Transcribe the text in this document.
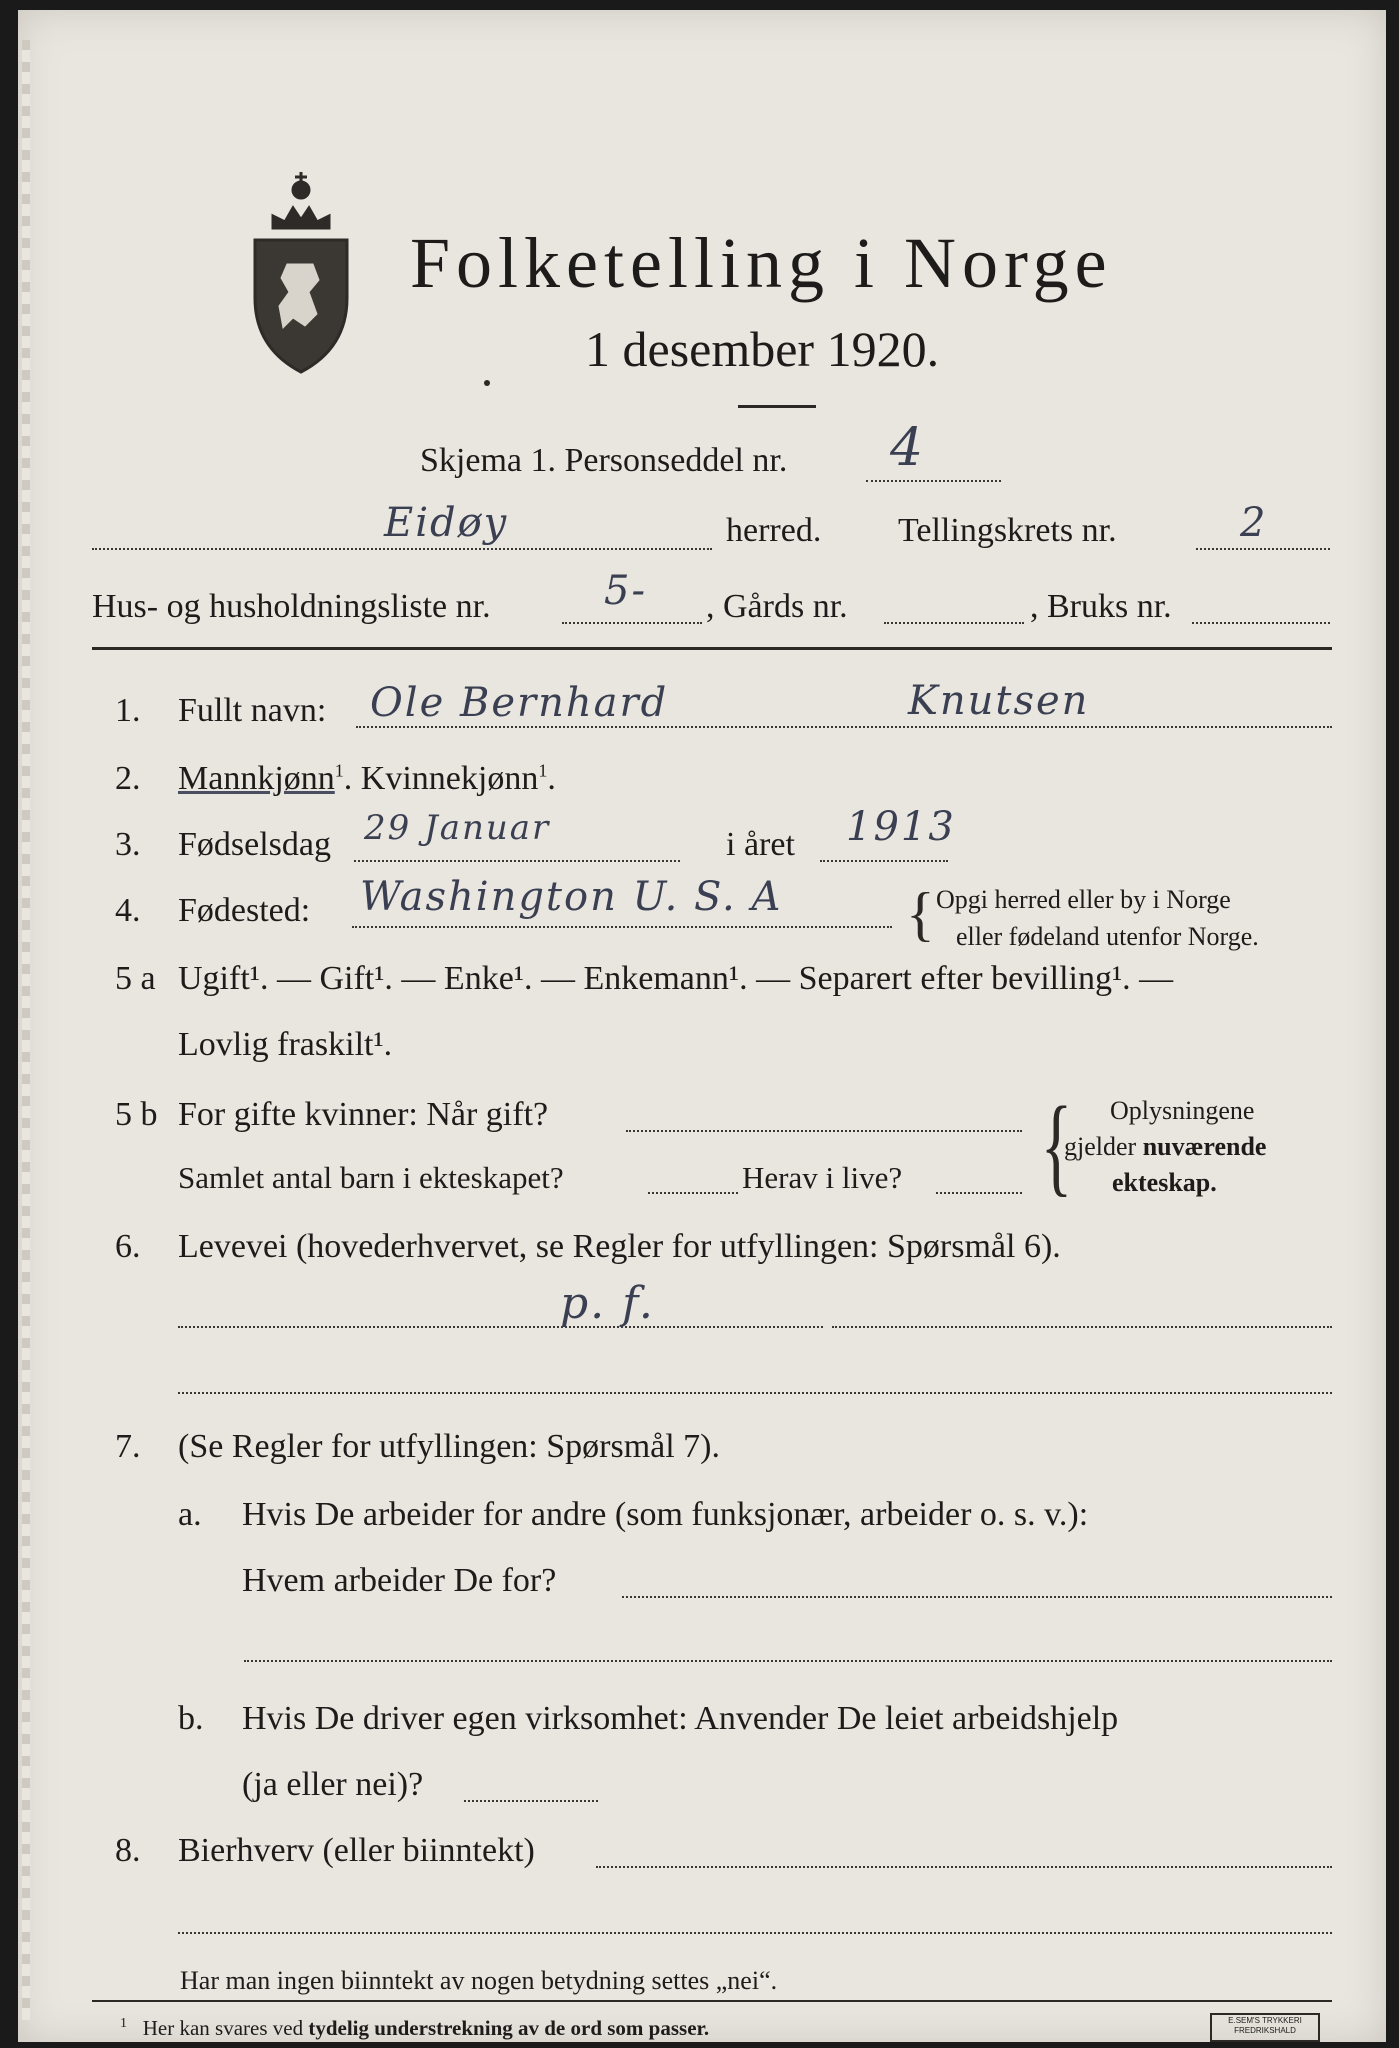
Folketelling i Norge
1 desember 1920.
Skjema 1. Personseddel nr. 4
Eidøy	herred. Tellingskrets nr.	2
Hus- og husholdningsliste nr.	5- , Gårds nr.	, Bruks nr.
1. Fullt navn: Ole Bernhard	Knutsen
2. Mannkjønn$^1$. Kvinnekjønn$^1$.
3. Fødselsdag 29 Januar	i året 1913
4. Fødested: Washington U. S. A { Opgi herred eller by i Norge
eller fødeland utenfor Norge.
5 a Ugift¹. — Gift¹. — Enke¹. — Enkemann¹. — Separert efter bevilling¹. —
Lovlig fraskilt¹.
5 b For gifte kvinner: Når gift?
Samlet antal barn i ekteskapet?	Herav i live? { Oplysningene
gjelder nuværende
ekteskap.
6. Levevei (hovederhvervet, se Regler for utfyllingen: Spørsmål 6).
p. f.
7. (Se Regler for utfyllingen: Spørsmål 7).
a. Hvis De arbeider for andre (som funksjonær, arbeider o. s. v.):
Hvem arbeider De for?
b. Hvis De driver egen virksomhet: Anvender De leiet arbeidshjelp
(ja eller nei)?
8. Bierhverv (eller biinntekt)
Har man ingen biinntekt av nogen betydning settes „nei“.
$^1$ Her kan svares ved tydelig understrekning av de ord som passer.	E.SEM'S TRYKKERI
FREDRIKSHALD
